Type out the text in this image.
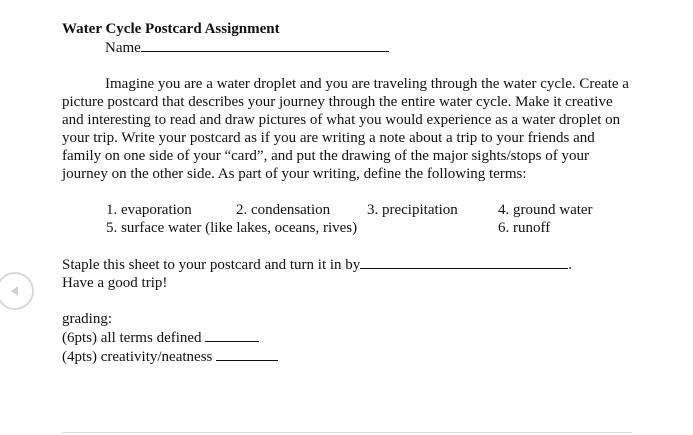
Water Cycle Postcard Assignment
Name
Imagine you are a water droplet and you are traveling through the water cycle. Create a picture postcard that describes your journey through the entire water cycle. Make it creative and interesting to read and draw pictures of what you would experience as a water droplet on your trip. Write your postcard as if you are writing a note about a trip to your friends and family on one side of your “card”, and put the drawing of the major sights/stops of your journey on the other side. As part of your writing, define the following terms:
1. evaporation	2. condensation 3. precipitation	4. ground water
5. surface water (like lakes, oceans, rives)	6. runoff
Staple this sheet to your postcard and turn it in by	.
Have a good trip!
grading:
(6pts) all terms defined
(4pts) creativity/neatness
